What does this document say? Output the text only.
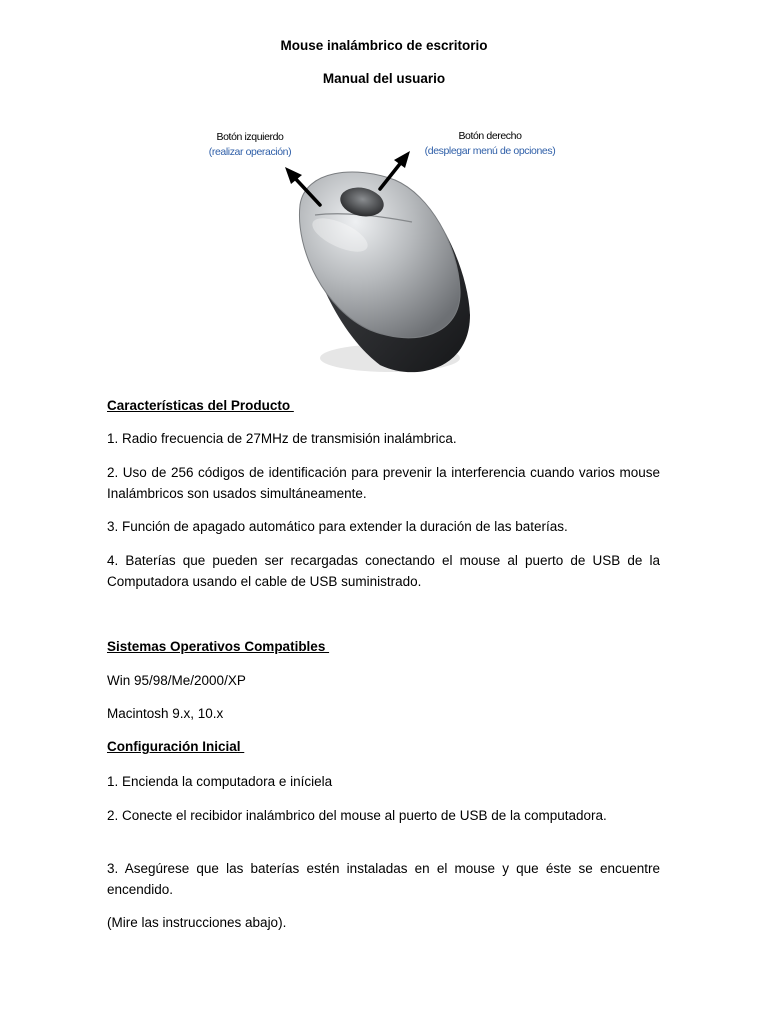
Mouse inalámbrico de escritorio
Manual del usuario
Botón izquierdo
(realizar operación)
Botón derecho
(desplegar menú de opciones)
Características del Producto
1. Radio frecuencia de 27MHz de transmisión inalámbrica.
2. Uso de 256 códigos de identificación para prevenir la interferencia cuando varios mouse Inalámbricos son usados simultáneamente.
3. Función de apagado automático para extender la duración de las baterías.
4. Baterías que pueden ser recargadas conectando el mouse al puerto de USB de la Computadora usando el cable de USB suministrado.
Sistemas Operativos Compatibles
Win 95/98/Me/2000/XP
Macintosh 9.x, 10.x
Configuración Inicial
1. Encienda la computadora e iníciela
2. Conecte el recibidor inalámbrico del mouse al puerto de USB de la computadora.
3. Asegúrese que las baterías estén instaladas en el mouse y que éste se encuentre encendido.
(Mire las instrucciones abajo).
